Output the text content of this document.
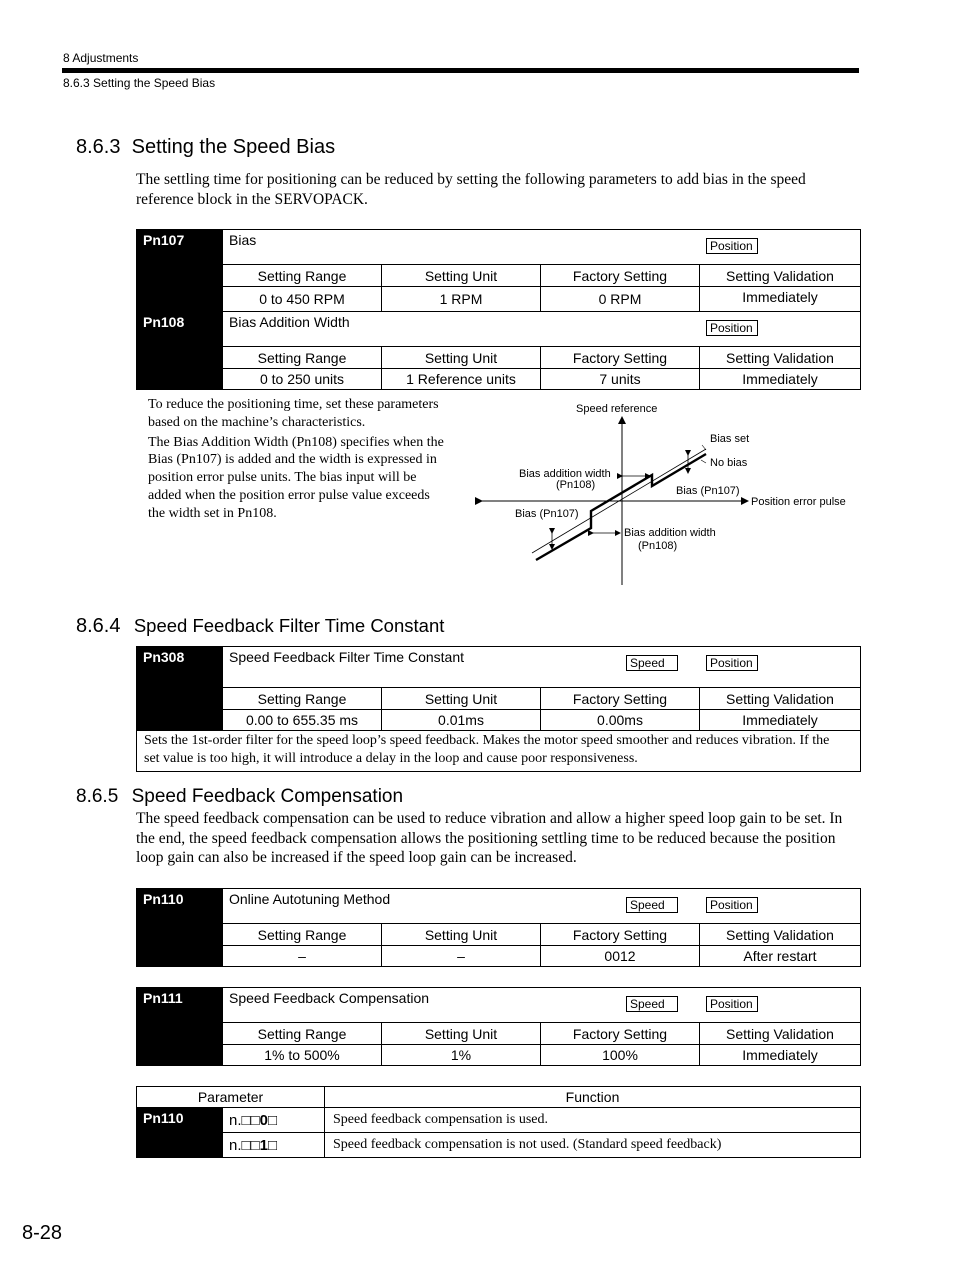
8 Adjustments
8.6.3 Setting the Speed Bias
8.6.3 Setting the Speed Bias
The settling time for positioning can be reduced by setting the following parameters to add bias in the speed
reference block in the SERVOPACK.
Pn107	Bias Position			

	Setting Range	Setting Unit	Factory Setting	Setting Validation
	0 to 450 RPM	1 RPM	0 RPM	Immediately
Pn108	Bias Addition Width Position			

	Setting Range	Setting Unit	Factory Setting	Setting Validation
	0 to 250 units	1 Reference units	7 units	Immediately
To reduce the positioning time, set these parameters
based on the machine’s characteristics.
The Bias Addition Width (Pn108) specifies when the
Bias (Pn107) is added and the width is expressed in
position error pulse units. The bias input will be
added when the position error pulse value exceeds
the width set in Pn108.
Speed reference
Bias set
No bias
Bias addition width
(Pn108)	Bias (Pn107)
Position error pulse
Bias (Pn107)
Bias addition width
(Pn108)
8.6.4 Speed Feedback Filter Time Constant
Pn308	Speed Feedback Filter Time Constant Speed Position			

	Setting Range	Setting Unit	Factory Setting	Setting Validation
	0.00 to 655.35 ms	0.01ms	0.00ms	Immediately

Sets the 1st-order filter for the speed loop’s speed feedback. Makes the motor speed smoother and reduces vibration. If the
set value is too high, it will introduce a delay in the loop and cause poor responsiveness.				
8.6.5 Speed Feedback Compensation
The speed feedback compensation can be used to reduce vibration and allow a higher speed loop gain to be set. In
the end, the speed feedback compensation allows the positioning settling time to be reduced because the position
loop gain can also be increased if the speed loop gain can be increased.
Pn110	Online Autotuning Method Speed Position			

	Setting Range	Setting Unit	Factory Setting	Setting Validation
	–	–	0012	After restart
Pn111	Speed Feedback Compensation Speed Position			

	Setting Range	Setting Unit	Factory Setting	Setting Validation
	1% to 500%	1%	100%	Immediately
Parameter		Function
Pn110	n.□□0□	Speed feedback compensation is used.
	n.□□1□	Speed feedback compensation is not used. (Standard speed feedback)
8-28
